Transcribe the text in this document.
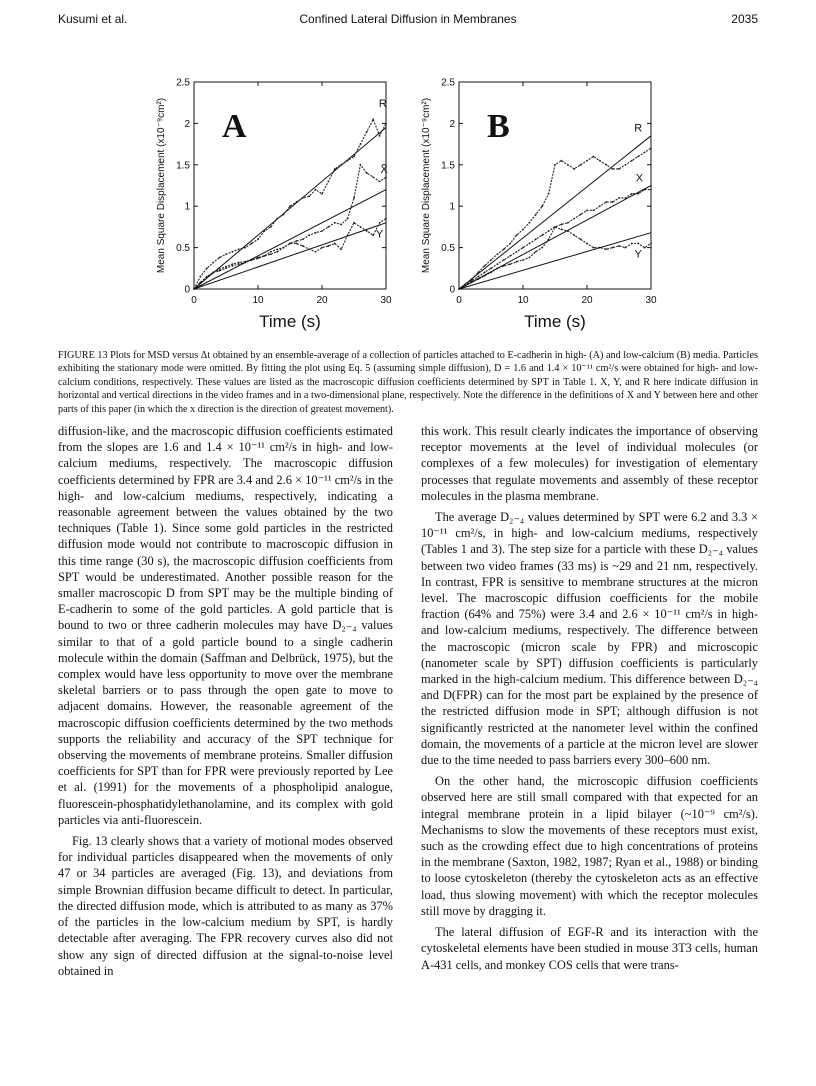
Kusumi et al.	Confined Lateral Diffusion in Membranes	2035
0
0.5
1
1.5
2
2.5
0	10	20	30
Time (s)
Mean Square Displacement (x10⁻⁹cm²) A
R
X
Y
0
0.5
1
1.5
2
2.5
0	10	20	30
Time (s)
Mean Square Displacement (x10⁻⁹cm²) B	R
X
Y

FIGURE 13 Plots for MSD versus Δt obtained by an ensemble-average of a collection of particles attached to E-cadherin in high- (A) and low-calcium (B) media. Particles exhibiting the stationary mode were omitted. By fitting the plot using Eq. 5 (assuming simple diffusion), D = 1.6 and 1.4 × 10⁻¹¹ cm²/s were obtained for high- and low-calcium conditions, respectively. These values are listed as the macroscopic diffusion coefficients determined by SPT in Table 1. X, Y, and R here indicate diffusion in horizontal and vertical directions in the video frames and in a two-dimensional plane, respectively. Note the difference in the definitions of X and Y between here and other parts of this paper (in which the x direction is the direction of greatest movement).

diffusion-like, and the macroscopic diffusion coefficients estimated from the slopes are 1.6 and 1.4 × 10⁻¹¹ cm²/s in high- and low-calcium mediums, respectively. The macroscopic diffusion coefficients determined by FPR are 3.4 and 2.6 × 10⁻¹¹ cm²/s in the high- and low-calcium mediums, respectively, indicating a reasonable agreement between the values obtained by the two techniques (Table 1). Since some gold particles in the restricted diffusion mode would not contribute to macroscopic diffusion in this time range (30 s), the macroscopic diffusion coefficients from SPT would be underestimated. Another possible reason for the smaller macroscopic D from SPT may be the multiple binding of E-cadherin to some of the gold particles. A gold particle that is bound to two or three cadherin molecules may have D₂₋₄ values similar to that of a gold particle bound to a single cadherin molecule within the domain (Saffman and Delbrück, 1975), but the complex would have less opportunity to move over the membrane skeletal barriers or to pass through the open gate to move to adjacent domains. However, the reasonable agreement of the macroscopic diffusion coefficients determined by the two methods supports the reliability and accuracy of the SPT technique for observing the movements of membrane proteins. Smaller diffusion coefficients for SPT than for FPR were previously reported by Lee et al. (1991) for the movements of a phospholipid analogue, fluorescein-phosphatidylethanolamine, and its complex with gold particles via anti-fluorescein.

Fig. 13 clearly shows that a variety of motional modes observed for individual particles disappeared when the movements of only 47 or 34 particles are averaged (Fig. 13), and deviations from simple Brownian diffusion became difficult to detect. In particular, the directed diffusion mode, which is attributed to as many as 37% of the particles in the low-calcium medium by SPT, is hardly detectable after averaging. The FPR recovery curves also did not show any sign of directed diffusion at the signal-to-noise level obtained in

this work. This result clearly indicates the importance of observing receptor movements at the level of individual molecules (or complexes of a few molecules) for investigation of elementary processes that regulate movements and assembly of these receptor molecules in the plasma membrane.

The average D₂₋₄ values determined by SPT were 6.2 and 3.3 × 10⁻¹¹ cm²/s, in high- and low-calcium mediums, respectively (Tables 1 and 3). The step size for a particle with these D₂₋₄ values between two video frames (33 ms) is ~29 and 21 nm, respectively. In contrast, FPR is sensitive to membrane structures at the micron level. The macroscopic diffusion coefficients for the mobile fraction (64% and 75%) were 3.4 and 2.6 × 10⁻¹¹ cm²/s in high- and low-calcium mediums, respectively. The difference between the macroscopic (micron scale by FPR) and microscopic (nanometer scale by SPT) diffusion coefficients is particularly marked in the high-calcium medium. This difference between D₂₋₄ and D(FPR) can for the most part be explained by the presence of the restricted diffusion mode in SPT; although diffusion is not significantly restricted at the nanometer level within the confined domain, the movements of a particle at the micron level are slower due to the time needed to pass barriers every 300–600 nm.

On the other hand, the microscopic diffusion coefficients observed here are still small compared with that expected for an integral membrane protein in a lipid bilayer (~10⁻⁹ cm²/s). Mechanisms to slow the movements of these receptors must exist, such as the crowding effect due to high concentrations of proteins in the membrane (Saxton, 1982, 1987; Ryan et al., 1988) or binding to loose cytoskeleton (thereby the cytoskeleton acts as an effective load, thus slowing movement) with which the receptor molecules still move by dragging it.

The lateral diffusion of EGF-R and its interaction with the cytoskeletal elements have been studied in mouse 3T3 cells, human A-431 cells, and monkey COS cells that were trans-
